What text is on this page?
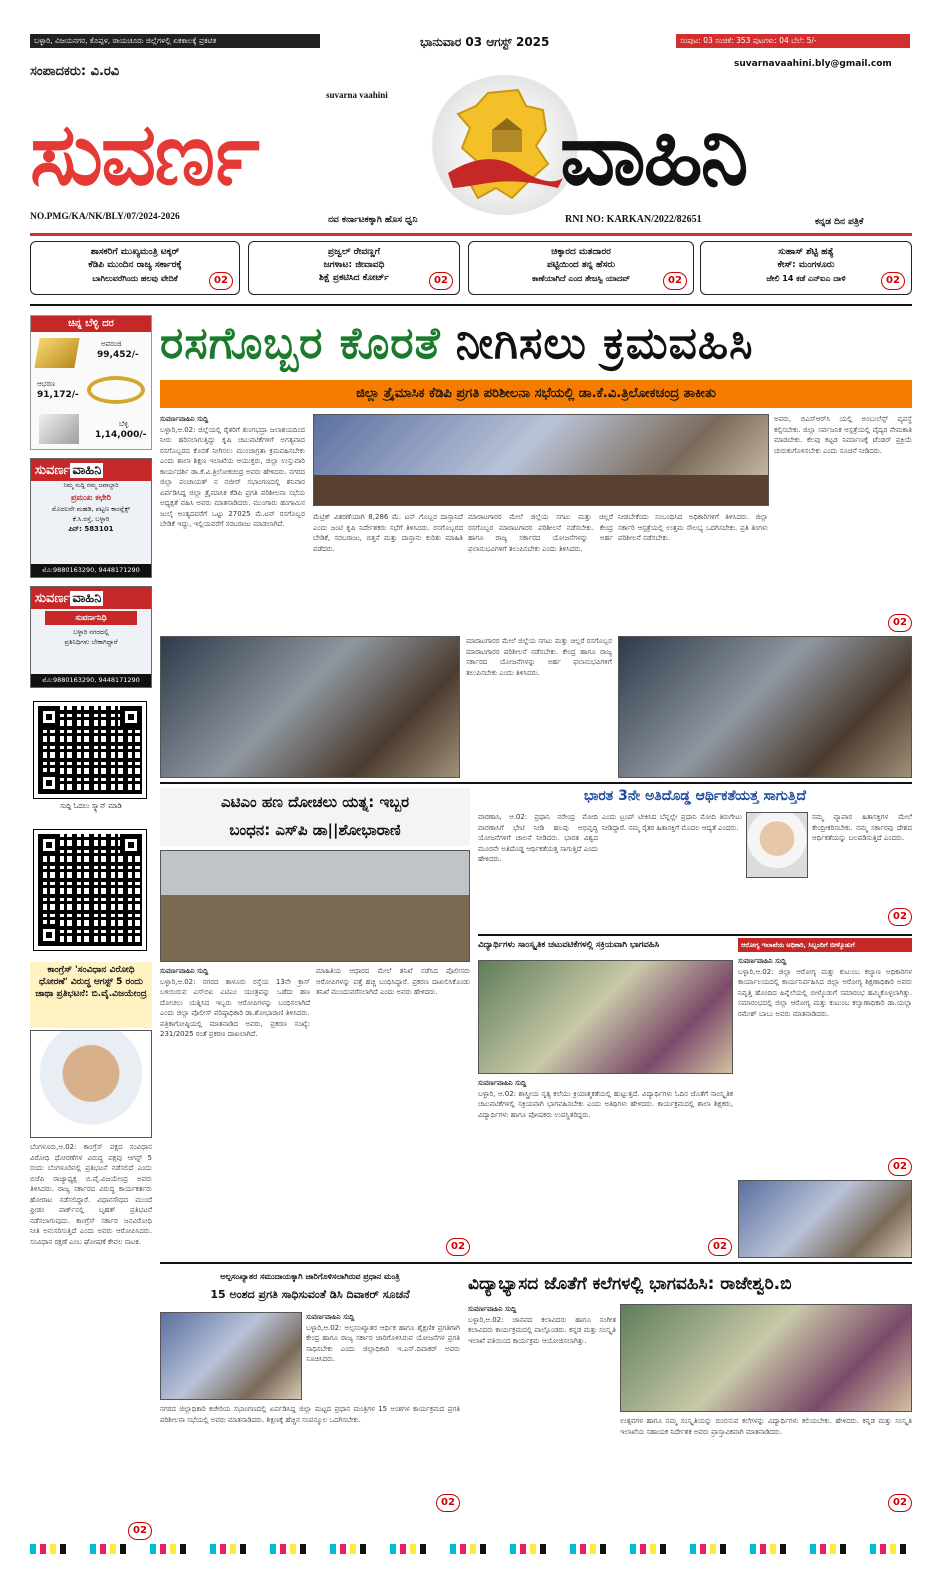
ಬಳ್ಳಾರಿ, ವಿಜಯನಗರ, ಕೊಪ್ಪಳ, ರಾಯಚೂರು ಜಿಲ್ಲೆಗಳಲ್ಲಿ ಏಕಕಾಲಕ್ಕೆ ಪ್ರಕಟಿತ	ಭಾನುವಾರ 03 ಆಗಸ್ಟ್ 2025	ಸಂಪುಟ: 03 ಸಂಚಿಕೆ: 353 ಪುಟಗಳು: 04 ಬೆಲೆ: 5/-
suvarnavaahini.bly@gmail.com
ಸಂಪಾದಕರು: ವಿ.ರವಿ
suvarna vaahini
ಸುವರ್ಣ	ವಾಹಿನಿ
NO.PMG/KA/NK/BLY/07/2024-2026	ನವ ಕರ್ನಾಟಕಕ್ಕಾಗಿ ಹೊಸ ಧ್ವನಿ	RNI NO: KARKAN/2022/82651	ಕನ್ನಡ ದಿನ ಪತ್ರಿಕೆ
ಶಾಸಕರಿಗೆ ಮುಖ್ಯಮಂತ್ರಿ ಟಕ್ಕರ್
ಕೆಡಿಪಿ ಮುಂದಿನ ರಾಜ್ಯ ಸರ್ಕಾರಕ್ಕೆ
ಬಾಗಿಲುವರೆಗಿಂದು ಹಲವು ವೇದಿಕೆ	02
ಪ್ರಜ್ವಲ್ ರೇವಣ್ಣಗೆ
ಜಗಳಾಟ: ಜೀವಾವಧಿ
ಶಿಕ್ಷೆ ಪ್ರಕಟಿಸಿದ ಕೋರ್ಟ್	02
ಚಿಕ್ಕಾರದ ಮತದಾರರ
ಪಟ್ಟಿಯಿಂದ ತನ್ನ ಹೆಸರು
ಕಾಣೆಯಾಗಿದೆ ಎಂದ ತೇಜಸ್ವಿ ಯಾದವ್	02
ಸುಹಾಸ್ ಶೆಟ್ಟಿ ಹತ್ಯೆ
ಕೇಸ್: ಮಂಗಳೂರು
ಜೇಲಿ 14 ಕಡೆ ಎನ್‌ಐಎ ದಾಳಿ	02
ಚಿನ್ನ ಬೆಳ್ಳಿ ದರ
ಅಪರಂಜಿ
99,452/-
ಆಭರಣ
91,172/-
ಬೆಳ್ಳಿ
1,14,000/-
ಸುವರ್ಣ ವಾಹಿನಿ
ನಿಮ್ಮ ಸುದ್ದಿ ನಮ್ಮ ಜವಾಬ್ದಾರಿ
ಪ್ರಮುಖ ಕಛೇರಿ
ಮೊದಲನೇ ಮಹಡಿ, ಪಟ್ಟಣ ಕಾಂಪ್ಲೆಕ್ಸ್
ಕೆ.ಸಿ.ರಸ್ತೆ, ಬಳ್ಳಾರಿ
ಪಿನ್: 583101
ಮೊ:9880163290, 9448171290
ಸುವರ್ಣ ವಾಹಿನಿ
ಸುವರ್ಣನಿಧಿ
ಬಳ್ಳಾರಿ ನಗರದಲ್ಲಿ
ಪ್ರತಿನಿಧಿಗಳು ಬೇಕಾಗಿದ್ದಾರೆ
ಮೊ:9880163290, 9448171290
ಸುದ್ದಿ ಓದಲು ಸ್ಕ್ಯಾನ್ ಮಾಡಿ
ರಸಗೊಬ್ಬರ ಕೊರತೆ ನೀಗಿಸಲು ಕ್ರಮವಹಿಸಿ
ಜಿಲ್ಲಾ ತ್ರೈಮಾಸಿಕ ಕೆಡಿಪಿ ಪ್ರಗತಿ ಪರಿಶೀಲನಾ ಸಭೆಯಲ್ಲಿ ಡಾ.ಕೆ.ವಿ.ತ್ರಿಲೋಕಚಂದ್ರ ತಾಕೀತು
ಸುವರ್ಣವಾಹಿನಿ ಸುದ್ದಿ
ಬಳ್ಳಾರಿ,ಆ.02: ಜಿಲ್ಲೆಯಲ್ಲಿ ರೈತರಿಗೆ ತುಂಗಭದ್ರಾ ಜಲಾಶಯದಿಂದ ನೀರು ಹರಿಸಲಾಗುತ್ತಿದ್ದು ಕೃಷಿ ಚಟುವಟಿಕೆಗಳಿಗೆ ಅಗತ್ಯವಾದ ರಸಗೊಬ್ಬರದ ಕೊರತೆ ನೀಗಿಸಲು ಮುಂಜಾಗ್ರತಾ ಕ್ರಮವಹಿಸಬೇಕು ಎಂದು ಶಾಲಾ ಶಿಕ್ಷಣ ಇಲಾಖೆಯ ಆಯುಕ್ತರು, ಜಿಲ್ಲಾ ಉಸ್ತುವಾರಿ ಕಾರ್ಯದರ್ಶಿ ಡಾ.ಕೆ.ವಿ.ತ್ರಿಲೋಕಚಂದ್ರ ಅವರು ಹೇಳಿದರು. ನಗರದ ಜಿಲ್ಲಾ ಪಂಚಾಯತ್ ನ ನಜೀರ್ ಸಭಾಂಗಣದಲ್ಲಿ ಶನಿವಾರ ಏರ್ಪಡಿಸಿದ್ದ ಜಿಲ್ಲಾ ತ್ರೈಮಾಸಿಕ ಕೆಡಿಪಿ ಪ್ರಗತಿ ಪರಿಶೀಲನಾ ಸಭೆಯ ಅಧ್ಯಕ್ಷತೆ ವಹಿಸಿ ಅವರು ಮಾತನಾಡಿದರು. ಮುಂಗಾರು ಹಂಗಾಮಿನ ಜುಲೈ ಅಂತ್ಯದವರೆಗೆ ಒಟ್ಟು 27025 ಮೆ.ಟನ್ ರಸಗೊಬ್ಬರ ಬೇಡಿಕೆ ಇದ್ದು, ಇಲ್ಲಿಯವರೆಗೆ ಸರಬರಾಜು ಮಾಡಲಾಗಿದೆ.
ಮೆಟ್ರಿಕ್ ವಿತರಣೆಯಾಗಿ 8,286 ಮೆ. ಟನ್ ಗೊಬ್ಬರ ದಾಸ್ತಾನಿದೆ ಎಂದು ಜಂಟಿ ಕೃಷಿ ನಿರ್ದೇಶಕರು ಸಭೆಗೆ ತಿಳಿಸಿದರು. ರಸಗೊಬ್ಬರದ ಬೇಡಿಕೆ, ಸರಬರಾಜು, ಬಿತ್ತನೆ ಮತ್ತು ದಾಸ್ತಾನು ಕುರಿತು ಮಾಹಿತಿ ಪಡೆದರು.
ಮಾರಾಟಗಾರರ ಮೇಲೆ ಜಿಲ್ಲೆಯ ಸಗಟು ಮತ್ತು ಚಿಲ್ಲರೆ ರಸಗೊಬ್ಬರ ಮಾರಾಟಗಾರರ ಪರಿಶೀಲನೆ ನಡೆಸಬೇಕು. ಕೇಂದ್ರ ಹಾಗೂ ರಾಜ್ಯ ಸರ್ಕಾರದ ಯೋಜನೆಗಳನ್ನು ಅರ್ಹ ಫಲಾನುಭವಿಗಳಿಗೆ ತಲುಪಿಸಬೇಕು ಎಂದು ತಿಳಿಸಿದರು.
ನೀಡಬೇಕೆಂದು ಸಂಬಂಧಿಸಿದ ಅಧಿಕಾರಿಗಳಿಗೆ ತಿಳಿಸಿದರು. ಜಿಲ್ಲಾ ಸರ್ಕಾರಿ ಆಸ್ಪತ್ರೆಯಲ್ಲಿ ಉತ್ತಮ ಸೌಲಭ್ಯ ಒದಗಿಸಬೇಕು. ಪ್ರತಿ ತಿಂಗಳು ಪರಿಶೀಲನೆ ನಡೆಸಬೇಕು.
ಅವರು, ಬಿಎಸ್‌ಆರ್‌ಸಿ ಯಲ್ಲಿ ಅಂಬುಲೆನ್ಸ್ ವ್ಯವಸ್ಥೆ ಕಲ್ಪಿಸಬೇಕು. ಜಿಲ್ಲಾ ಸರ್ವಜನಿಕ ಆಸ್ಪತ್ರೆಯಲ್ಲಿ ವೈದ್ಯರ ನೇಮಕಾತಿ ಮಾಡಬೇಕು. ಕೆಲವು ಕಟ್ಟಡ ನಿರ್ಮಾಣಕ್ಕೆ ಟೆಂಡರ್ ಪ್ರಕ್ರಿಯೆ ಚುರುಕುಗೊಳಿಸಬೇಕು ಎಂದು ಸೂಚನೆ ನೀಡಿದರು.
02
ಮಾರಾಟಗಾರರ ಮೇಲೆ ಜಿಲ್ಲೆಯ ಸಗಟು ಮತ್ತು ಚಿಲ್ಲರೆ ರಸಗೊಬ್ಬರ ಮಾರಾಟಗಾರರ ಪರಿಶೀಲನೆ ನಡೆಸಬೇಕು. ಕೇಂದ್ರ ಹಾಗೂ ರಾಜ್ಯ ಸರ್ಕಾರದ ಯೋಜನೆಗಳನ್ನು ಅರ್ಹ ಫಲಾನುಭವಿಗಳಿಗೆ ತಲುಪಿಸಬೇಕು ಎಂದು ತಿಳಿಸಿದರು.
ಎಟಿಎಂ ಹಣ ದೋಚಲು ಯತ್ನ: ಇಬ್ಬರ
ಬಂಧನ: ಎಸ್‌ಪಿ ಡಾ||ಶೋಭಾರಾಣಿ
ಸುವರ್ಣವಾಹಿನಿ ಸುದ್ದಿ
ಬಳ್ಳಾರಿ,ಆ.02: ನಗರದ ತಾಳೂರು ರಸ್ತೆಯ 13ನೇ ಕ್ರಾಸ್ ಬಳಿಯಿರುವ ಎಸ್‌ಬಿಐ ಎಟಿಎಂ ಯಂತ್ರವನ್ನು ಒಡೆದು ಹಣ ದೋಚಲು ಯತ್ನಿಸಿದ ಇಬ್ಬರು ಆರೋಪಿಗಳನ್ನು ಬಂಧಿಸಲಾಗಿದೆ ಎಂದು ಜಿಲ್ಲಾ ಪೊಲೀಸ್ ವರಿಷ್ಠಾಧಿಕಾರಿ ಡಾ.ಶೋಭಾರಾಣಿ ತಿಳಿಸಿದರು.
ಪತ್ರಿಕಾಗೋಷ್ಠಿಯಲ್ಲಿ ಮಾತನಾಡಿದ ಅವರು, ಪ್ರಕರಣ ಸಂಖ್ಯೆ: 231/2025 ರಂತೆ ಪ್ರಕರಣ ದಾಖಲಾಗಿದೆ.
ಮಾಹಿತಿಯ ಆಧಾರದ ಮೇಲೆ ತನಿಖೆ ನಡೆಸಿದ ಪೊಲೀಸರು ಆರೋಪಿಗಳನ್ನು ಪತ್ತೆ ಹಚ್ಚಿ ಬಂಧಿಸಿದ್ದಾರೆ. ಪ್ರಕರಣ ದಾಖಲಿಸಿಕೊಂಡು ತನಿಖೆ ಮುಂದುವರೆಸಲಾಗಿದೆ ಎಂದು ಅವರು ಹೇಳಿದರು.
02
ಭಾರತ 3ನೇ ಅತಿದೊಡ್ಡ ಆರ್ಥಿಕತೆಯತ್ತ ಸಾಗುತ್ತಿದೆ
ವಾರಣಾಸಿ, ಆ.02: ಪ್ರಧಾನಿ ನರೇಂದ್ರ ಮೋದಿ ವಾರಣಾಸಿಗೆ ಭೇಟಿ ನೀಡಿ ಹಲವು ಅಭಿವೃದ್ಧಿ ಯೋಜನೆಗಳಿಗೆ ಚಾಲನೆ ನೀಡಿದರು. ಭಾರತ ವಿಶ್ವದ ಮೂರನೇ ಅತಿದೊಡ್ಡ ಆರ್ಥಿಕತೆಯತ್ತ ಸಾಗುತ್ತಿದೆ ಎಂದು ಹೇಳಿದರು.
ಎಂದು ಟ್ರಂಪ್ ಟೀಕಿಸಿದ ಬೆನ್ನಲ್ಲೇ ಪ್ರಧಾನಿ ಮೋದಿ ತಿರುಗೇಟು ನೀಡಿದ್ದಾರೆ. ನಮ್ಮ ರೈತರ ಹಿತಾಸಕ್ತಿಗೆ ಮೊದಲ ಆದ್ಯತೆ ಎಂದರು.
ನಮ್ಮ ವ್ಯಾಪಾರ ಹಿತಾಸಕ್ತಿಗಳ ಮೇಲೆ ಕೇಂದ್ರೀಕರಿಸಬೇಕು. ನಮ್ಮ ಸರ್ಕಾರವು ದೇಶದ ಆರ್ಥಿಕತೆಯನ್ನು ಬಲಪಡಿಸುತ್ತಿದೆ ಎಂದರು.
02
ವಿದ್ಯಾರ್ಥಿಗಳು ಸಾಂಸ್ಕೃತಿಕ ಚಟುವಟಿಕೆಗಳಲ್ಲಿ ಸಕ್ರಿಯವಾಗಿ ಭಾಗವಹಿಸಿ
ಸುವರ್ಣವಾಹಿನಿ ಸುದ್ದಿ
ಬಳ್ಳಾರಿ, ಆ.02: ಶಾಸ್ತ್ರೀಯ ನೃತ್ಯ ಕಲೆಯು ಕ್ರಿಯಾತ್ಮಕತೆಯಲ್ಲಿ ಹುಟ್ಟುತ್ತದೆ. ವಿದ್ಯಾರ್ಥಿಗಳು ಓದಿನ ಜೊತೆಗೆ ಸಾಂಸ್ಕೃತಿಕ ಚಟುವಟಿಕೆಗಳಲ್ಲಿ ಸಕ್ರಿಯವಾಗಿ ಭಾಗವಹಿಸಬೇಕು ಎಂದು ಅತಿಥಿಗಳು ಹೇಳಿದರು. ಕಾರ್ಯಕ್ರಮದಲ್ಲಿ ಶಾಲಾ ಶಿಕ್ಷಕರು, ವಿದ್ಯಾರ್ಥಿಗಳು ಹಾಗೂ ಪೋಷಕರು ಉಪಸ್ಥಿತರಿದ್ದರು.
02
ಆರೋಗ್ಯ ಇಲಾಖೆಯ ಅಧಿಕಾರಿ, ಸಿಬ್ಬಂದಿಗೆ ಬೀಳ್ಕೊಡುಗೆ
ಸುವರ್ಣವಾಹಿನಿ ಸುದ್ದಿ
ಬಳ್ಳಾರಿ,ಆ.02: ಜಿಲ್ಲಾ ಆರೋಗ್ಯ ಮತ್ತು ಕುಟುಂಬ ಕಲ್ಯಾಣ ಅಧಿಕಾರಿಗಳ ಕಾರ್ಯಾಲಯದಲ್ಲಿ ಕಾರ್ಯನಿರ್ವಹಿಸಿದ ಜಿಲ್ಲಾ ಆರೋಗ್ಯ ಶಿಕ್ಷಣಾಧಿಕಾರಿ ಅವರು ನಿವೃತ್ತಿ ಹೊಂದಿದ ಹಿನ್ನೆಲೆಯಲ್ಲಿ ಬೀಳ್ಕೊಡುಗೆ ಸಮಾರಂಭ ಹಮ್ಮಿಕೊಳ್ಳಲಾಗಿತ್ತು. ಸಮಾರಂಭದಲ್ಲಿ ಜಿಲ್ಲಾ ಆರೋಗ್ಯ ಮತ್ತು ಕುಟುಂಬ ಕಲ್ಯಾಣಾಧಿಕಾರಿ ಡಾ.ಯಲ್ಲಾ ರಮೇಶ್ ಬಾಬು ಅವರು ಮಾತನಾಡಿದರು.
02
ಕಾಂಗ್ರೆಸ್ 'ಸಂವಿಧಾನ ವಿರೋಧಿ ಧೋರಣೆ' ವಿರುದ್ಧ ಆಗಸ್ಟ್ 5 ರಂದು ಜಾಥಾ ಪ್ರತಿಭಟನೆ: ಬಿ.ವೈ.ವಿಜಯೇಂದ್ರ
ಬೆಂಗಳೂರು,ಆ.02: ಕಾಂಗ್ರೆಸ್ ಪಕ್ಷದ ಸಂವಿಧಾನ ವಿರೋಧಿ ಧೋರಣೆಗಳ ವಿರುದ್ಧ ಪಕ್ಷವು ಆಗಸ್ಟ್ 5 ರಂದು ಬೆಂಗಳೂರಿನಲ್ಲಿ ಪ್ರತಿಭಟನೆ ನಡೆಸಲಿದೆ ಎಂದು ಬಿಜೆಪಿ ರಾಜ್ಯಾಧ್ಯಕ್ಷ ಬಿ.ವೈ.ವಿಜಯೇಂದ್ರ ಅವರು ತಿಳಿಸಿದರು. ರಾಜ್ಯ ಸರ್ಕಾರದ ವಿರುದ್ಧ ಕಾರ್ಯಕರ್ತರು ಹೋರಾಟ ನಡೆಸಲಿದ್ದಾರೆ. ವಿಧಾನಸೌಧದ ಮುಂದೆ ಫ್ರೀಡಂ ಪಾರ್ಕ್‌ನಲ್ಲಿ ಬೃಹತ್ ಪ್ರತಿಭಟನೆ ನಡೆಸಲಾಗುವುದು. ಕಾಂಗ್ರೆಸ್ ಸರ್ಕಾರ ಜನವಿರೋಧಿ ನೀತಿ ಅನುಸರಿಸುತ್ತಿದೆ ಎಂದು ಅವರು ಆರೋಪಿಸಿದರು. ಸಂವಿಧಾನ ರಕ್ಷಣೆ ಎಂಬ ಘೋಷಣೆ ಕೇವಲ ನಾಟಕ.
02
ಅಲ್ಪಸಂಖ್ಯಾತರ ಸಮುದಾಯಕ್ಕಾಗಿ ಜಾರಿಗೊಳಿಸಲಾಗಿರುವ ಪ್ರಧಾನ ಮಂತ್ರಿ
15 ಅಂಶದ ಪ್ರಗತಿ ಸಾಧಿಸುವಂತೆ ಡಿಸಿ ದಿವಾಕರ್ ಸೂಚನೆ
ಸುವರ್ಣವಾಹಿನಿ ಸುದ್ದಿ
ಬಳ್ಳಾರಿ,ಆ.02: ಅಲ್ಪಸಂಖ್ಯಾತರ ಆರ್ಥಿಕ ಹಾಗೂ ಶೈಕ್ಷಣಿಕ ಪ್ರಗತಿಗಾಗಿ ಕೇಂದ್ರ ಹಾಗೂ ರಾಜ್ಯ ಸರ್ಕಾರ ಜಾರಿಗೊಳಿಸಿರುವ ಯೋಜನೆಗಳ ಪ್ರಗತಿ ಸಾಧಿಸಬೇಕು ಎಂದು ಜಿಲ್ಲಾಧಿಕಾರಿ ಇ.ಎಸ್.ದಿವಾಕರ್ ಅವರು ಸೂಚಿಸಿದರು.
ನಗರದ ಜಿಲ್ಲಾಧಿಕಾರಿ ಕಚೇರಿಯ ಸಭಾಂಗಣದಲ್ಲಿ ಏರ್ಪಡಿಸಿದ್ದ ಜಿಲ್ಲಾ ಮಟ್ಟದ ಪ್ರಧಾನ ಮಂತ್ರಿಗಳ 15 ಅಂಶಗಳ ಕಾರ್ಯಕ್ರಮದ ಪ್ರಗತಿ ಪರಿಶೀಲನಾ ಸಭೆಯಲ್ಲಿ ಅವರು ಮಾತನಾಡಿದರು. ಶಿಕ್ಷಣಕ್ಕೆ ಹೆಚ್ಚಿನ ಸಂಪನ್ಮೂಲ ಒದಗಿಸಬೇಕು.
02
ವಿದ್ಯಾಭ್ಯಾಸದ ಜೊತೆಗೆ ಕಲೆಗಳಲ್ಲಿ ಭಾಗವಹಿಸಿ: ರಾಜೇಶ್ವರಿ.ಬಿ
ಸುವರ್ಣವಾಹಿನಿ ಸುದ್ದಿ
ಬಳ್ಳಾರಿ,ಆ.02: ಜಾನಪದ ಕಲಾವಿದರು ಹಾಗೂ ಸಂಗೀತ ಕಲಾವಿದರು ಕಾರ್ಯಕ್ರಮದಲ್ಲಿ ಪಾಲ್ಗೊಂಡರು. ಕನ್ನಡ ಮತ್ತು ಸಂಸ್ಕೃತಿ ಇಲಾಖೆ ವತಿಯಿಂದ ಕಾರ್ಯಕ್ರಮ ಆಯೋಜಿಸಲಾಗಿತ್ತು.
ಉತ್ಸವಗಳ ಹಾಗೂ ನಮ್ಮ ಸಂಸ್ಕೃತಿಯನ್ನು ಬಿಂಬಿಸುವ ಕಲೆಗಳನ್ನು ವಿದ್ಯಾರ್ಥಿಗಳು ಕಲಿಯಬೇಕು. ಹೇಳಿದರು. ಕನ್ನಡ ಮತ್ತು ಸಂಸ್ಕೃತಿ ಇಲಾಖೆಯ ಸಹಾಯಕ ನಿರ್ದೇಶಕ ಅವರು ಪ್ರಾಸ್ತಾವಿಕವಾಗಿ ಮಾತನಾಡಿದರು.
02
